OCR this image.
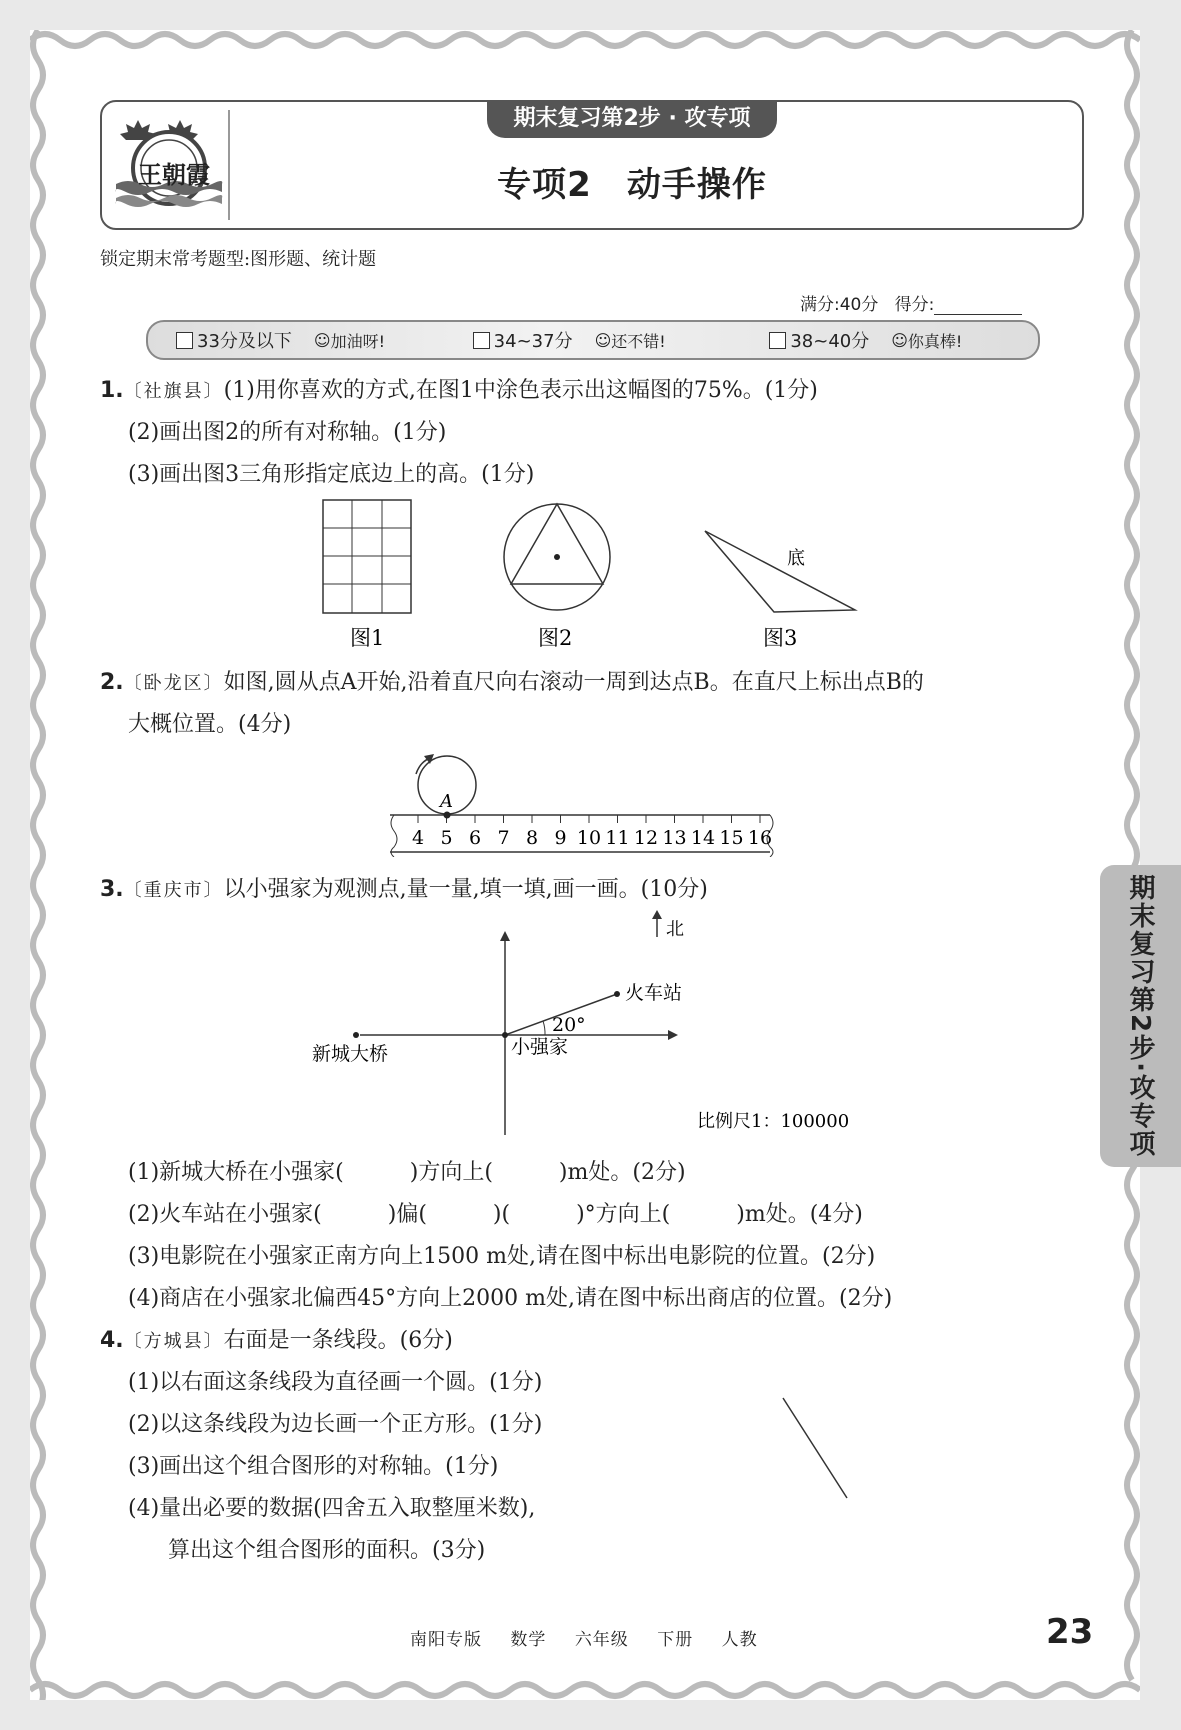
王朝霞
期末复习第2步 · 攻专项
专项2　动手操作
锁定期末常考题型:图形题、统计题
满分:40分 得分:
33分及以下 ☺ 加油呀!	34~37分 ☺ 还不错!	38~40分 ☺ 你真棒!
1.〔社旗县〕(1)用你喜欢的方式,在图1中涂色表示出这幅图的75%。(1分)
(2)画出图2的所有对称轴。(1分)
(3)画出图3三角形指定底边上的高。(1分)
底
图1	图2	图3
2.〔卧龙区〕如图,圆从点A开始,沿着直尺向右滚动一周到达点B。在直尺上标出点B的
大概位置。(4分)
4 5 6 7 8 9 10 11 12 13 14 15 16
A
3.〔重庆市〕以小强家为观测点,量一量,填一填,画一画。(10分)
北
火车站
20°
小强家
新城大桥
比例尺1：100000
(1)新城大桥在小强家(　　　)方向上(　　　)m处。(2分)
(2)火车站在小强家(　　　)偏(　　　)(　　　)°方向上(　　　)m处。(4分)
(3)电影院在小强家正南方向上1500 m处,请在图中标出电影院的位置。(2分)
(4)商店在小强家北偏西45°方向上2000 m处,请在图中标出商店的位置。(2分)
4.〔方城县〕右面是一条线段。(6分)
(1)以右面这条线段为直径画一个圆。(1分)
(2)以这条线段为边长画一个正方形。(1分)
(3)画出这个组合图形的对称轴。(1分)
(4)量出必要的数据(四舍五入取整厘米数),
算出这个组合图形的面积。(3分)
期末复习第2步·攻专项
南阳专版 数学 六年级 下册 人教	23
